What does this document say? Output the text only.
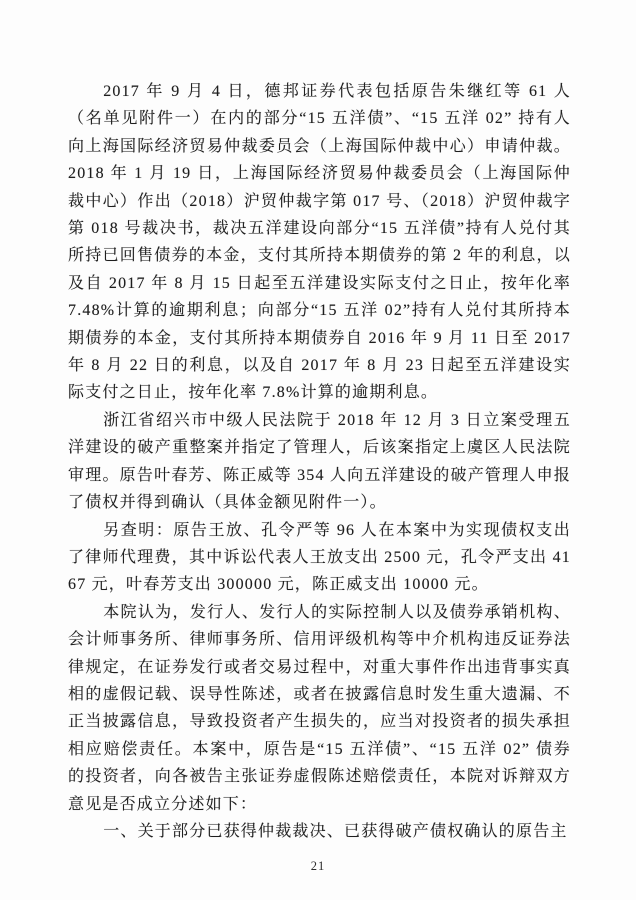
2017 年 9 月 4 日，德邦证券代表包括原告朱继红等 61 人（名单见附件一）在内的部分“15 五洋债”、“15 五洋 02” 持有人向上海国际经济贸易仲裁委员会（上海国际仲裁中心）申请仲裁。2018 年 1 月 19 日，上海国际经济贸易仲裁委员会（上海国际仲裁中心）作出（2018）沪贸仲裁字第 017 号、（2018）沪贸仲裁字第 018 号裁决书，裁决五洋建设向部分“15 五洋债”持有人兑付其所持已回售债券的本金，支付其所持本期债券的第 2 年的利息，以及自 2017 年 8 月 15 日起至五洋建设实际支付之日止，按年化率 7.48%计算的逾期利息；向部分“15 五洋 02”持有人兑付其所持本期债券的本金，支付其所持本期债券自 2016 年 9 月 11 日至 2017 年 8 月 22 日的利息，以及自 2017 年 8 月 23 日起至五洋建设实际支付之日止，按年化率 7.8%计算的逾期利息。

浙江省绍兴市中级人民法院于 2018 年 12 月 3 日立案受理五洋建设的破产重整案并指定了管理人，后该案指定上虞区人民法院审理。原告叶春芳、陈正威等 354 人向五洋建设的破产管理人申报了债权并得到确认（具体金额见附件一）。

另查明：原告王放、孔令严等 96 人在本案中为实现债权支出了律师代理费，其中诉讼代表人王放支出 2500 元，孔令严支出 4167 元，叶春芳支出 300000 元，陈正威支出 10000 元。

本院认为，发行人、发行人的实际控制人以及债券承销机构、会计师事务所、律师事务所、信用评级机构等中介机构违反证券法律规定，在证券发行或者交易过程中，对重大事件作出违背事实真相的虚假记载、误导性陈述，或者在披露信息时发生重大遗漏、不正当披露信息，导致投资者产生损失的，应当对投资者的损失承担相应赔偿责任。本案中，原告是“15 五洋债”、“15 五洋 02” 债券的投资者，向各被告主张证券虚假陈述赔偿责任，本院对诉辩双方意见是否成立分述如下：

一、关于部分已获得仲裁裁决、已获得破产债权确认的原告主

21
